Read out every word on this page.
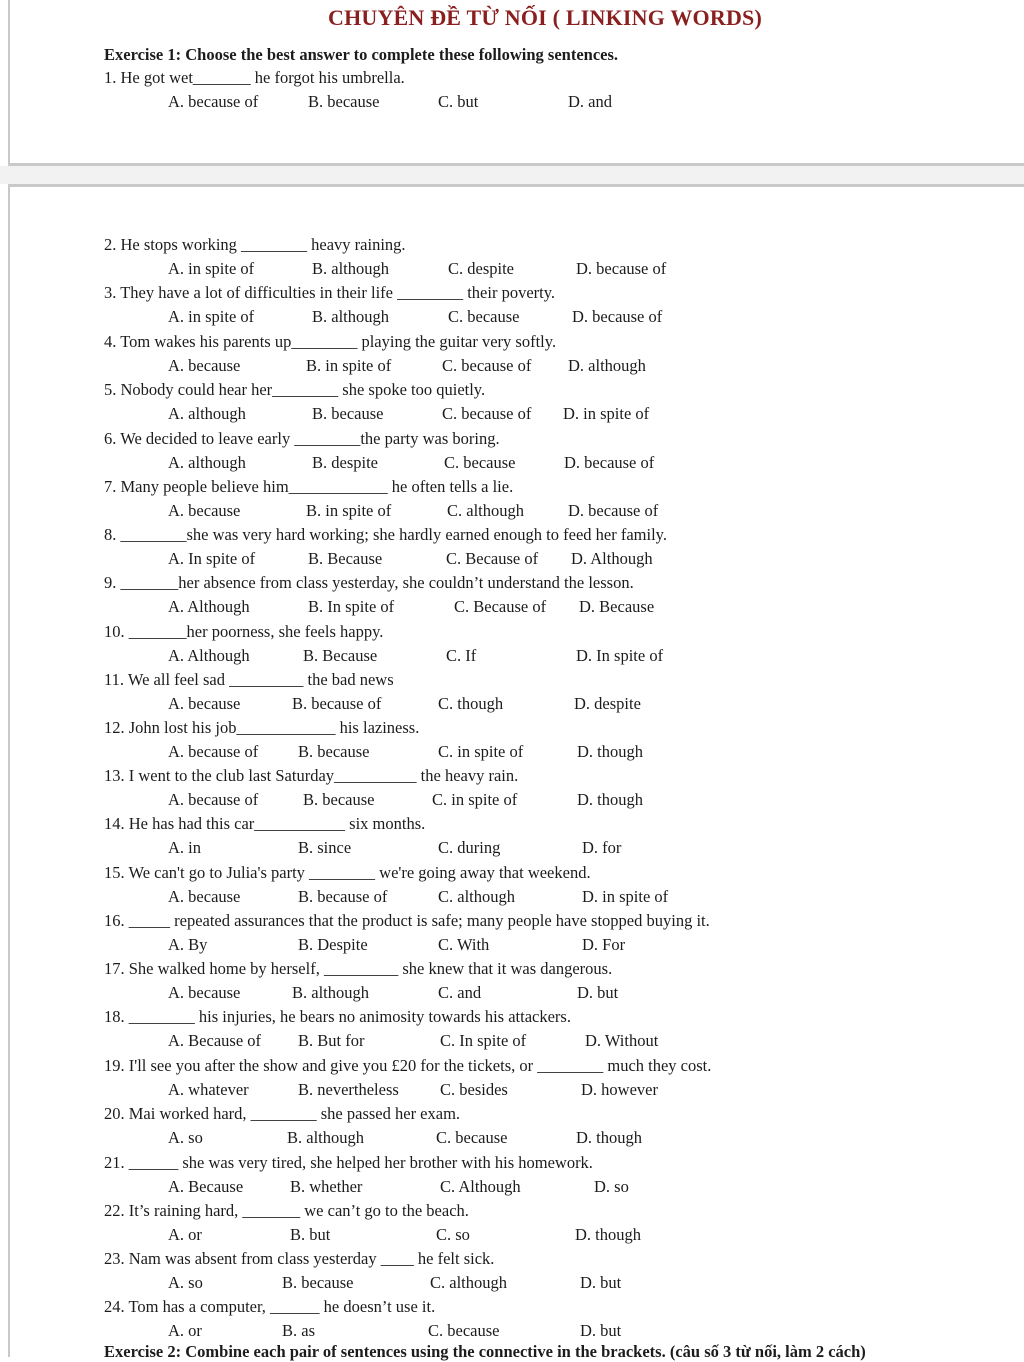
CHUYÊN ĐỀ TỪ NỐI ( LINKING WORDS)
Exercise 1: Choose the best answer to complete these following sentences.
1. He got wet_______ he forgot his umbrella.
A. because of	B. because	C. but	D. and
2. He stops working ________ heavy raining.
A. in spite of	B. although	C. despite	D. because of
3. They have a lot of difficulties in their life ________ their poverty.
A. in spite of	B. although	C. because	D. because of
4. Tom wakes his parents up________ playing the guitar very softly.
A. because	B. in spite of	C. because of D. although
5. Nobody could hear her________ she spoke too quietly.
A. although	B. because	C. because of D. in spite of
6. We decided to leave early ________the party was boring.
A. although	B. despite	C. because	D. because of
7. Many people believe him____________ he often tells a lie.
A. because	B. in spite of	C. although	D. because of
8. ________she was very hard working; she hardly earned enough to feed her family.
A. In spite of	B. Because	C. Because of D. Although
9. _______her absence from class yesterday, she couldn’t understand the lesson.
A. Although	B. In spite of	C. Because of D. Because
10. _______her poorness, she feels happy.
A. Although	B. Because	C. If	D. In spite of
11. We all feel sad _________ the bad news
A. because	B. because of	C. though	D. despite
12. John lost his job____________ his laziness.
A. because of B. because	C. in spite of	D. though
13. I went to the club last Saturday__________ the heavy rain.
A. because of	B. because	C. in spite of	D. though
14. He has had this car___________ six months.
A. in	B. since	C. during	D. for
15. We can't go to Julia's party ________ we're going away that weekend.
A. because	B. because of	C. although	D. in spite of
16. _____ repeated assurances that the product is safe; many people have stopped buying it.
A. By	B. Despite	C. With	D. For
17. She walked home by herself, _________ she knew that it was dangerous.
A. because	B. although	C. and	D. but
18. ________ his injuries, he bears no animosity towards his attackers.
A. Because of B. But for	C. In spite of	D. Without
19. I'll see you after the show and give you £20 for the tickets, or ________ much they cost.
A. whatever	B. nevertheless C. besides	D. however
20. Mai worked hard, ________ she passed her exam.
A. so	B. although	C. because	D. though
21. ______ she was very tired, she helped her brother with his homework.
A. Because	B. whether	C. Although	D. so
22. It’s raining hard, _______ we can’t go to the beach.
A. or	B. but	C. so	D. though
23. Nam was absent from class yesterday ____ he felt sick.
A. so	B. because	C. although	D. but
24. Tom has a computer, ______ he doesn’t use it.
A. or	B. as	C. because	D. but
Exercise 2: Combine each pair of sentences using the connective in the brackets. (câu số 3 từ nối, làm 2 cách)
